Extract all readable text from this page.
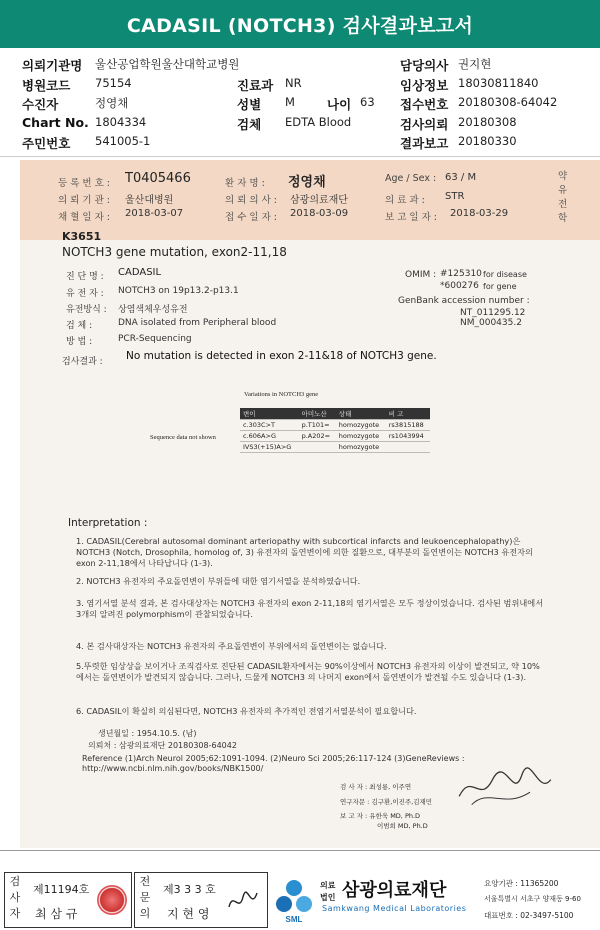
CADASIL (NOTCH3) 검사결과보고서
의뢰기관명 울산공업학원울산대학교병원	담당의사 권지현
병원코드 75154	진료과 NR	임상정보 18030811840
수진자	정영채	성별 M	나이 63 접수번호 20180308-64042
Chart No. 1804334	검체 EDTA Blood	검사의뢰 20180308
주민번호 541005-1	결과보고 20180330
등 록 번 호 : T0405466	환 자 명 : 정영채	Age / Sex : 63 / M
의 뢰 기 관 : 울산대병원	의 뢰 의 사 : 삼광의료재단	의 료 과 : STR
채 혈 일 자 : 2018-03-07	접 수 일 자 : 2018-03-09	보 고 일 자 : 2018-03-29
약
유
전
학
K3651
NOTCH3 gene mutation, exon2-11,18
진 단 명 : CADASIL
유 전 자 : NOTCH3 on 19p13.2-p13.1
유전방식 : 상염색체우성유전
검 체 :	DNA isolated from Peripheral blood
방 법 :	PCR-Sequencing
OMIM : #125310 for disease
*600276 for gene
GenBank accession number :
NT_011295.12
NM_000435.2
검사결과 : No mutation is detected in exon 2-11&18 of NOTCH3 gene.
Variations in NOTCH3 gene
Sequence data not shown
변이	아미노산	상태	비 고
c.303C>T	p.T101=	homozygote	rs3815188
c.606A>G	p.A202=	homozygote	rs1043994
IVS3(+15)A>G		homozygote	
Interpretation :

1. CADASIL(Cerebral autosomal dominant arteriopathy with subcortical infarcts and leukoencephalopathy)은 NOTCH3 (Notch, Drosophila, homolog of, 3) 유전자의 돌연변이에 의한 질환으로, 대부분의 돌연변이는 NOTCH3 유전자의 exon 2-11,18에서 나타납니다 (1-3).

2. NOTCH3 유전자의 주요돌연변이 부위들에 대한 염기서열을 분석하였습니다.

3. 염기서열 분석 결과, 본 검사대상자는 NOTCH3 유전자의 exon 2-11,18의 염기서열은 모두 정상이었습니다. 검사된 범위내에서 3개의 알려진 polymorphism이 관찰되었습니다.

4. 본 검사대상자는 NOTCH3 유전자의 주요돌연변이 부위에서의 돌연변이는 없습니다.

5.뚜렷한 임상상을 보이거나 조직검사로 진단된 CADASIL환자에서는 90%이상에서 NOTCH3 유전자의 이상이 발견되고, 약 10%에서는 돌연변이가 발견되지 않습니다. 그러나, 드물게 NOTCH3 의 나머지 exon에서 돌연변이가 발견될 수도 있습니다 (1-3).

6. CADASIL이 확실히 의심된다면, NOTCH3 유전자의 추가적인 전염기서열분석이 필요합니다.

생년월일 : 1954.10.5. (남)
의뢰처 : 삼광의료재단 20180308-64042

Reference (1)Arch Neurol 2005;62:1091-1094. (2)Neuro Sci 2005;26:117-124 (3)GeneReviews : http://www.ncbi.nlm.nih.gov/books/NBK1500/

검 사 자 : 최성룡, 이주연
연구자문 : 김구환,이진주,김재민
보 고 자 : 유한욱 MD, Ph.D
이범희 MD, Ph.D
검
사
자
제11194호
최 삼 규
전
문
의
제3 3 3 호
지 현 영	SML
의료
법인 삼광의료재단
Samkwang Medical Laboratories
요양기관 : 11365200
서울특별시 서초구 양재동 9-60
대표번호 : 02-3497-5100
